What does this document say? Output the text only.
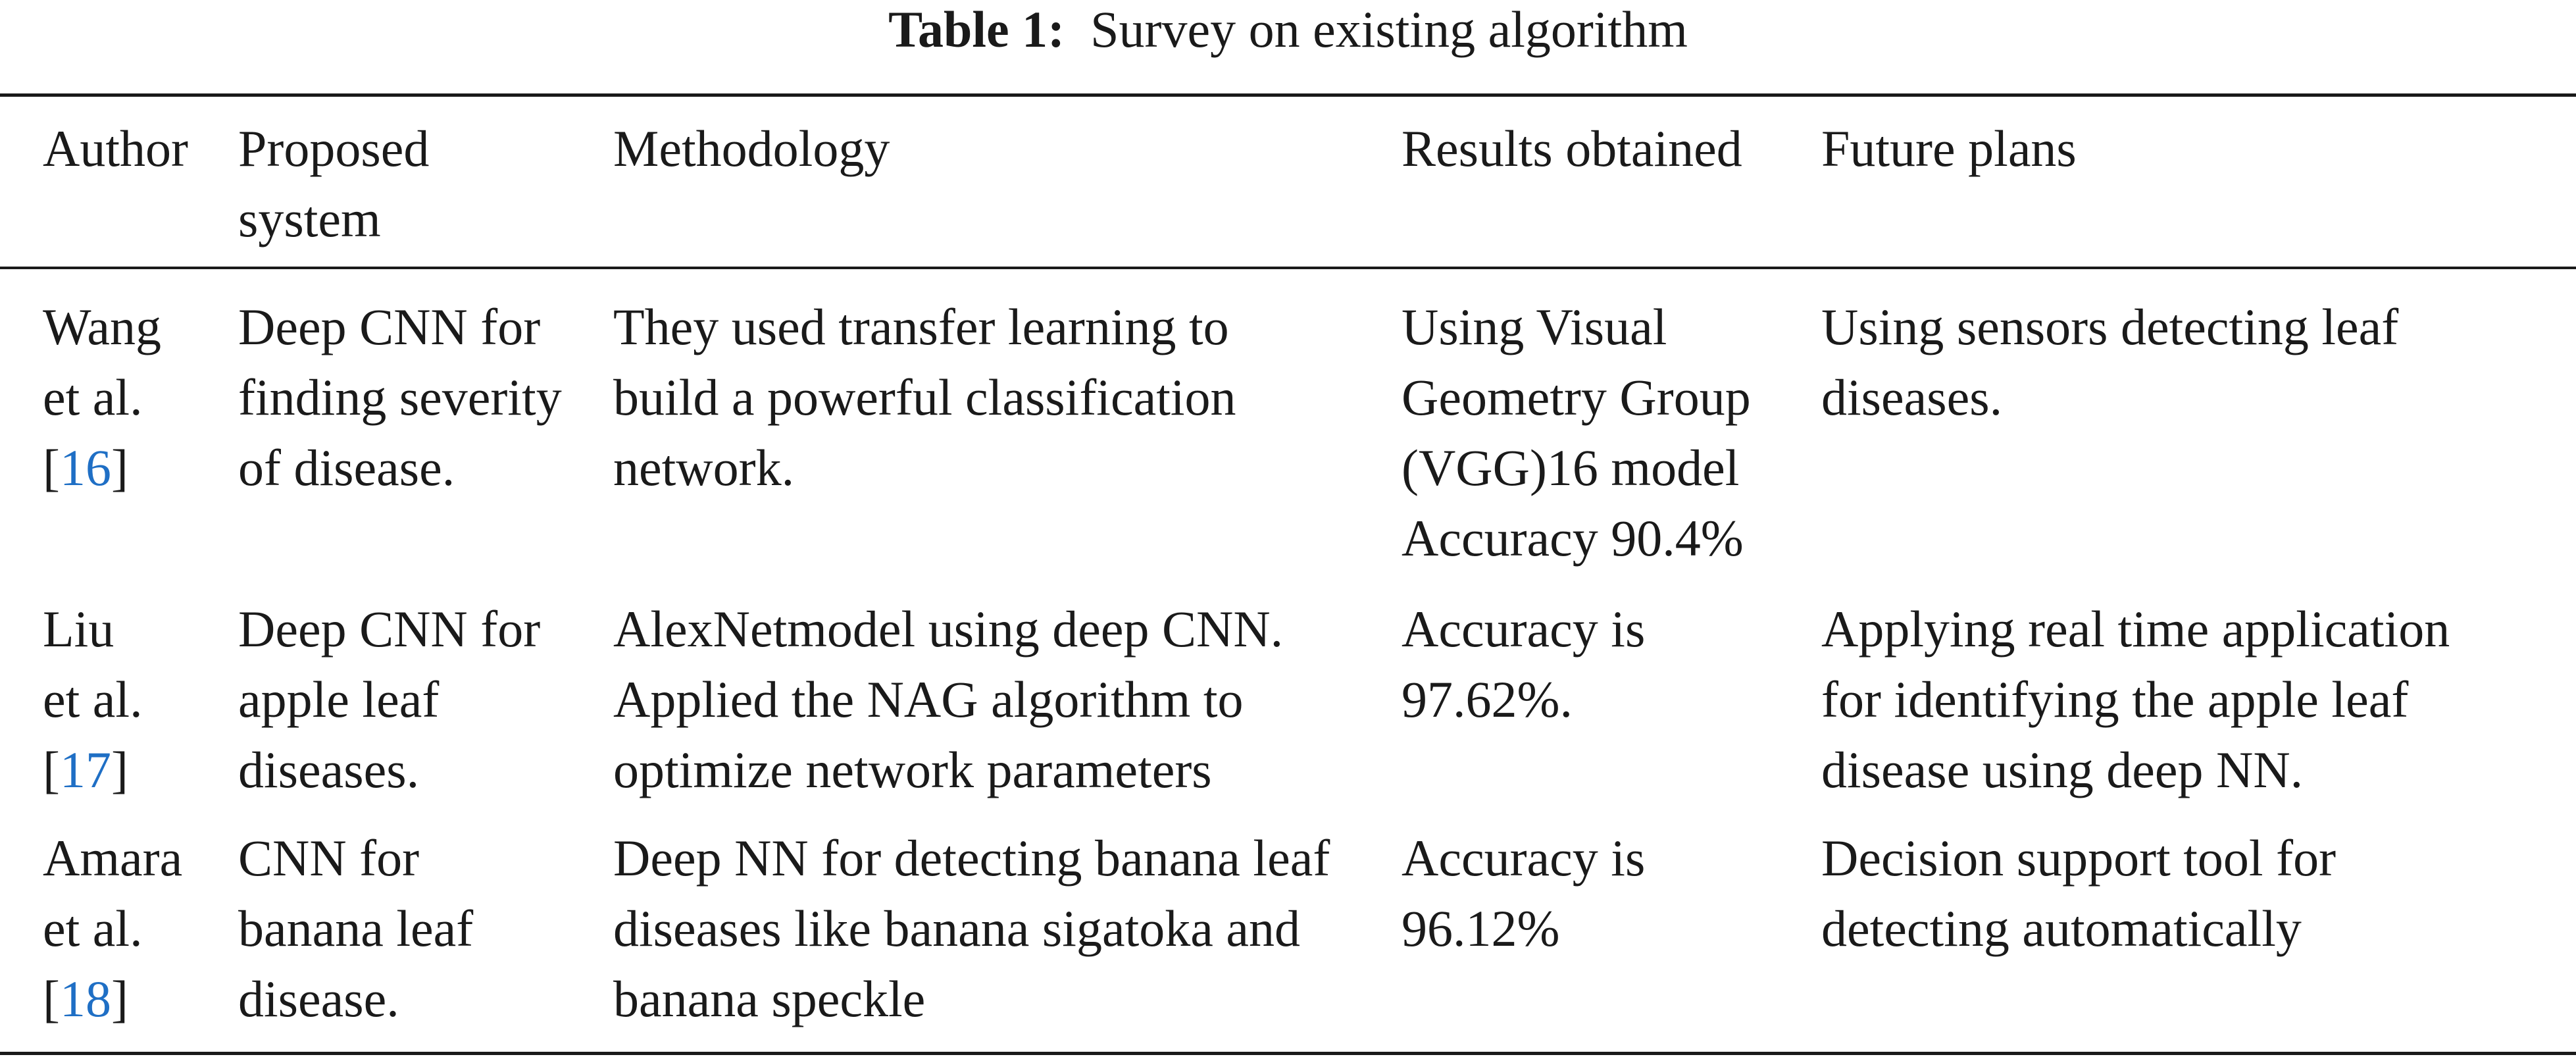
Table 1: Survey on existing algorithm
Author Proposed
system
Methodology	Results obtained	Future plans
Wang
et al.
[16]
Deep CNN for
finding severity
of disease.
They used transfer learning to
build a powerful classification
network.
Using Visual
Geometry Group
(VGG)16 model
Accuracy 90.4%
Using sensors detecting leaf
diseases.
Liu
et al.
[17]
Deep CNN for
apple leaf
diseases.
AlexNetmodel using deep CNN.
Applied the NAG algorithm to
optimize network parameters
Accuracy is
97.62%.
Applying real time application
for identifying the apple leaf
disease using deep NN.
Amara
et al.
[18]
CNN for
banana leaf
disease.
Deep NN for detecting banana leaf
diseases like banana sigatoka and
banana speckle
Accuracy is
96.12%
Decision support tool for
detecting automatically
